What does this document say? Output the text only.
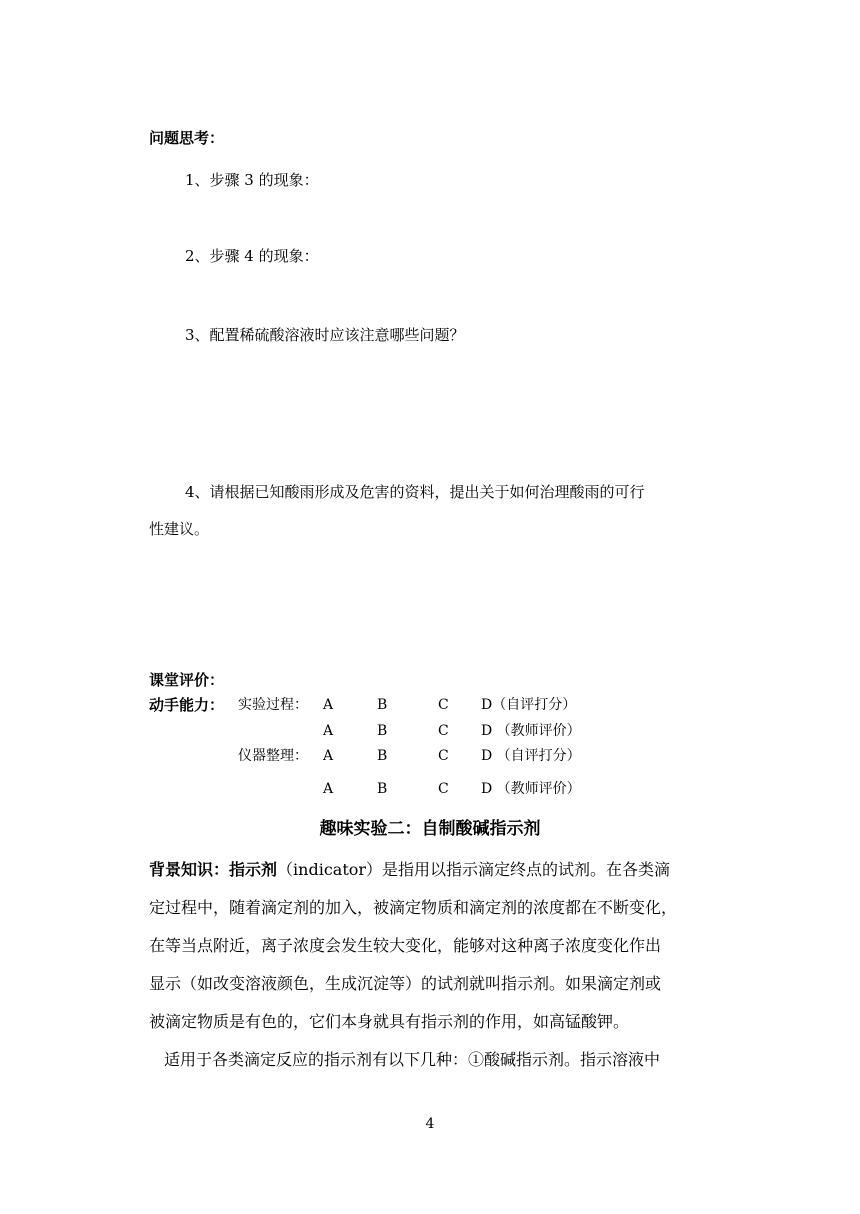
问题思考：
1、步骤 3 的现象：
2、步骤 4 的现象：
3、配置稀硫酸溶液时应该注意哪些问题？
4、请根据已知酸雨形成及危害的资料，提出关于如何治理酸雨的可行
性建议。
课堂评价：
动手能力： 实验过程： A	B	C D（自评打分）
A	B	C D （教师评价）
仪器整理： A	B	C D （自评打分）
A	B	C D （教师评价）
趣味实验二：自制酸碱指示剂
背景知识：指示剂（indicator）是指用以指示滴定终点的试剂。在各类滴
定过程中，随着滴定剂的加入，被滴定物质和滴定剂的浓度都在不断变化，
在等当点附近，离子浓度会发生较大变化，能够对这种离子浓度变化作出
显示（如改变溶液颜色，生成沉淀等）的试剂就叫指示剂。如果滴定剂或
被滴定物质是有色的，它们本身就具有指示剂的作用，如高锰酸钾。
适用于各类滴定反应的指示剂有以下几种：①酸碱指示剂。指示溶液中
4
